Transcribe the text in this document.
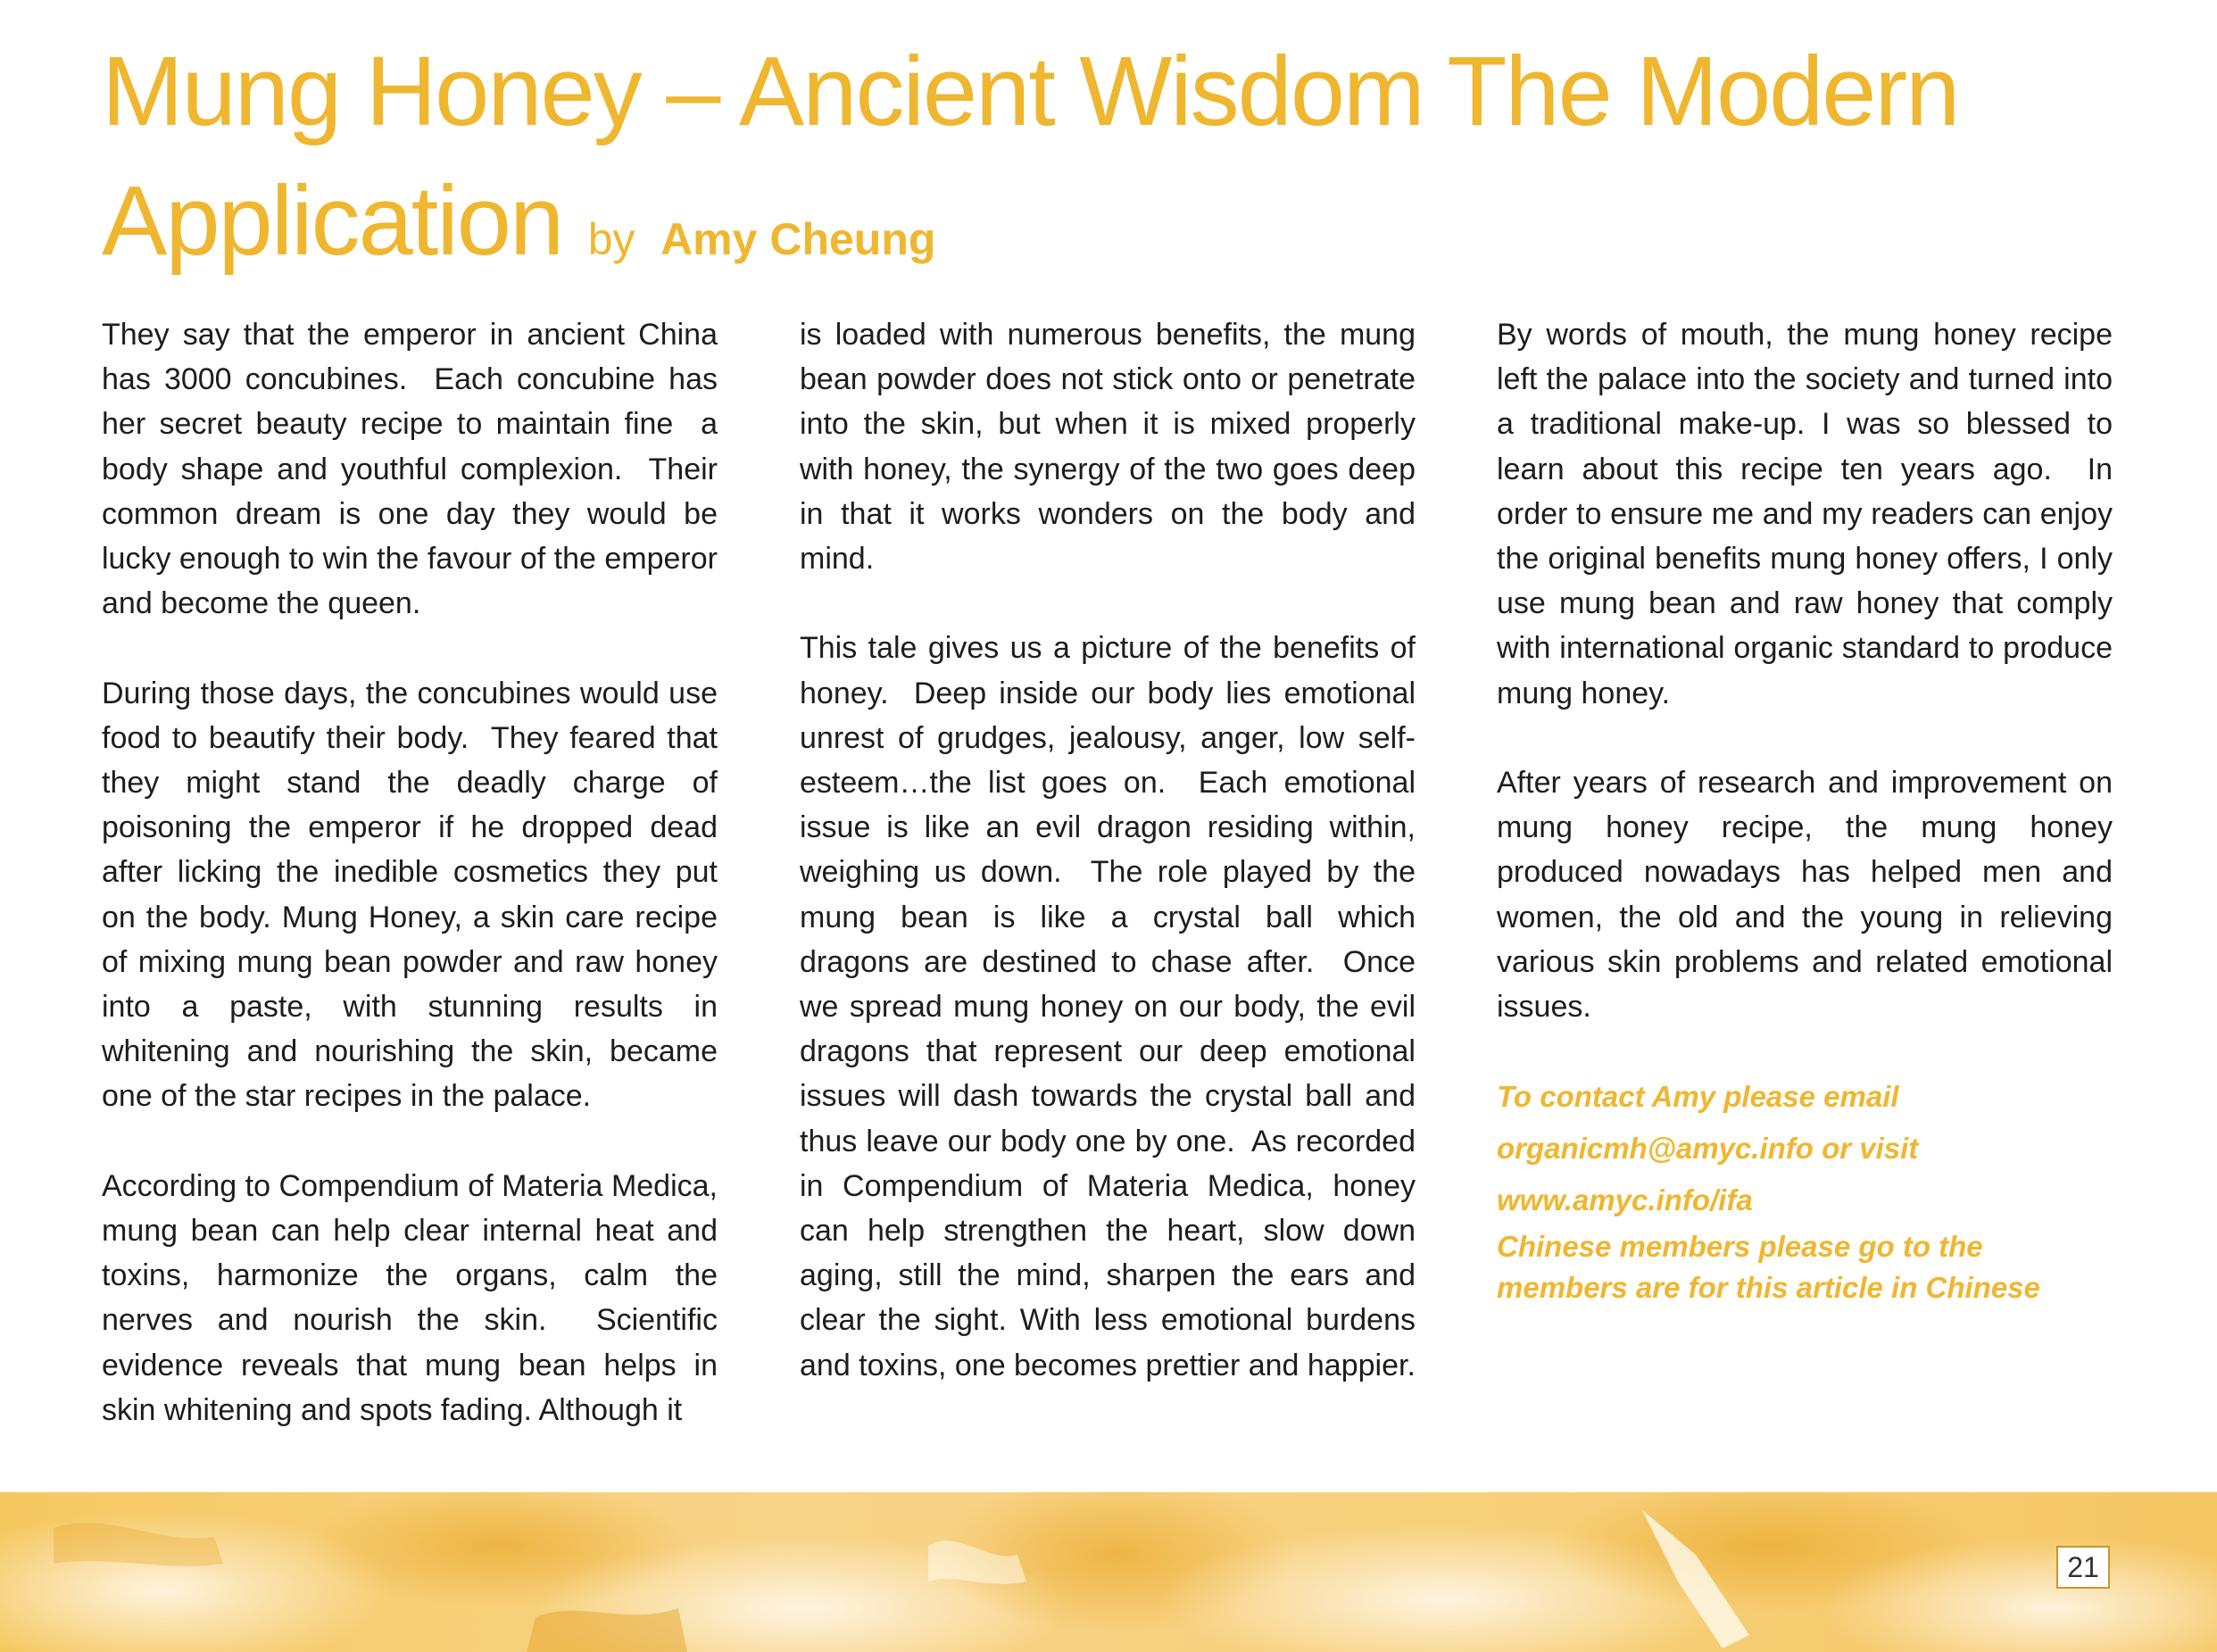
Mung Honey – Ancient Wisdom The Modern
Application by Amy Cheung

They say that the emperor in ancient China has 3000 concubines.  Each concubine has her secret beauty recipe to maintain fine  a body shape and youthful complexion.  Their common dream is one day they would be lucky enough to win the favour of the emperor and become the queen.

During those days, the concubines would use food to beautify their body.  They feared that they might stand the deadly charge of poisoning the emperor if he dropped dead after licking the inedible cosmetics they put on the body. Mung Honey, a skin care recipe of mixing mung bean powder and raw honey into a paste, with stunning results in whitening and nourishing the skin, became one of the star recipes in the palace.

According to Compendium of Materia Medica, mung bean can help clear internal heat and toxins, harmonize the organs, calm the nerves and nourish the skin.  Scientific evidence reveals that mung bean helps in skin whitening and spots fading. Although it

is loaded with numerous benefits, the mung bean powder does not stick onto or penetrate into the skin, but when it is mixed properly with honey, the synergy of the two goes deep in that it works wonders on the body and mind.

This tale gives us a picture of the benefits of honey.  Deep inside our body lies emotional unrest of grudges, jealousy, anger, low self-esteem…the list goes on.  Each emotional issue is like an evil dragon residing within, weighing us down.  The role played by the mung bean is like a crystal ball which dragons are destined to chase after.  Once we spread mung honey on our body, the evil dragons that represent our deep emotional issues will dash towards the crystal ball and thus leave our body one by one.  As recorded in Compendium of Materia Medica, honey can help strengthen the heart, slow down aging, still the mind, sharpen the ears and clear the sight. With less emotional burdens and toxins, one becomes prettier and happier.

By words of mouth, the mung honey recipe left the palace into the society and turned into a traditional make-up. I was so blessed to learn about this recipe ten years ago.  In order to ensure me and my readers can enjoy the original benefits mung honey offers, I only use mung bean and raw honey that comply with international organic standard to produce mung honey.

After years of research and improvement on mung honey recipe, the mung honey produced nowadays has helped men and women, the old and the young in relieving various skin problems and related emotional issues.

To contact Amy please email
organicmh@amyc.info or visit
www.amyc.info/ifa
Chinese members please go to the
members are for this article in Chinese
21
